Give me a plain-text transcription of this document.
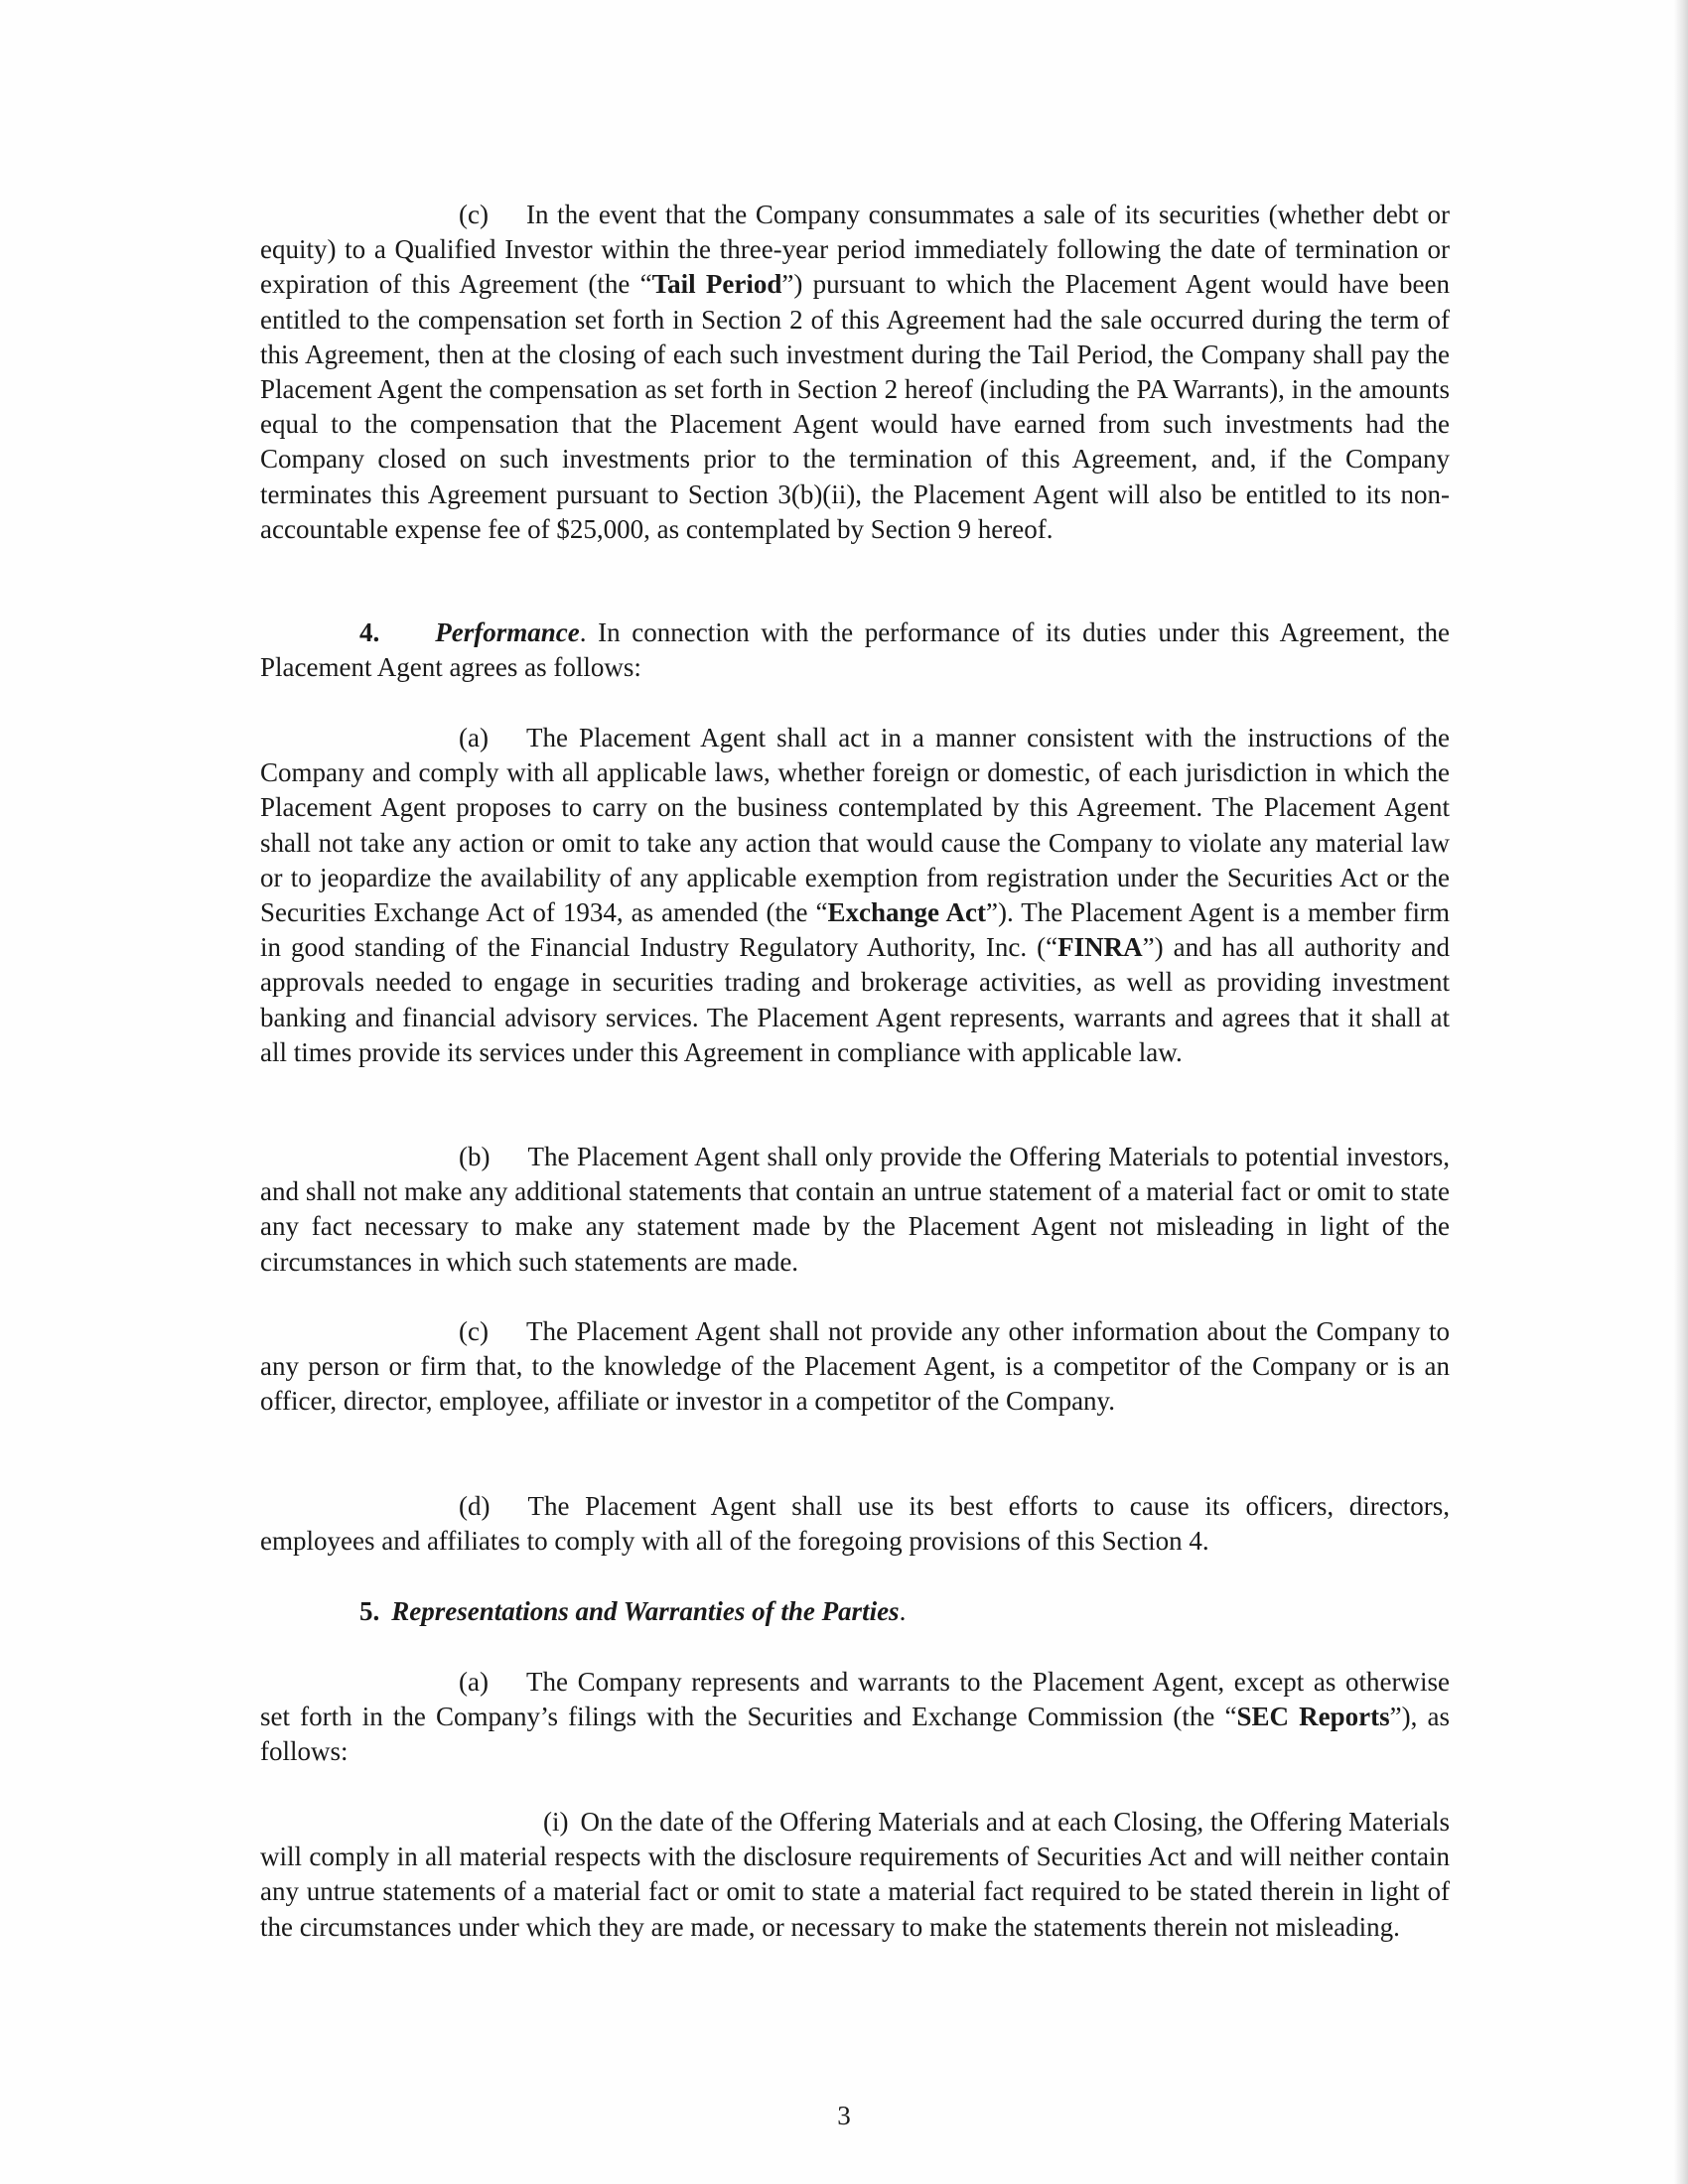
(c) In the event that the Company consummates a sale of its securities (whether debt or equity) to a Qualified Investor within the three-year period immediately following the date of termination or expiration of this Agreement (the “Tail Period”) pursuant to which the Placement Agent would have been entitled to the compensation set forth in Section 2 of this Agreement had the sale occurred during the term of this Agreement, then at the closing of each such investment during the Tail Period, the Company shall pay the Placement Agent the compensation as set forth in Section 2 hereof (including the PA Warrants), in the amounts equal to the compensation that the Placement Agent would have earned from such investments had the Company closed on such investments prior to the termination of this Agreement, and, if the Company terminates this Agreement pursuant to Section 3(b)(ii), the Placement Agent will also be entitled to its non-accountable expense fee of $25,000, as contemplated by Section 9 hereof.

4. Performance. In connection with the performance of its duties under this Agreement, the Placement Agent agrees as follows:

(a) The Placement Agent shall act in a manner consistent with the instructions of the Company and comply with all applicable laws, whether foreign or domestic, of each jurisdiction in which the Placement Agent proposes to carry on the business contemplated by this Agreement. The Placement Agent shall not take any action or omit to take any action that would cause the Company to violate any material law or to jeopardize the availability of any applicable exemption from registration under the Securities Act or the Securities Exchange Act of 1934, as amended (the “Exchange Act”). The Placement Agent is a member firm in good standing of the Financial Industry Regulatory Authority, Inc. (“FINRA”) and has all authority and approvals needed to engage in securities trading and brokerage activities, as well as providing investment banking and financial advisory services. The Placement Agent represents, warrants and agrees that it shall at all times provide its services under this Agreement in compliance with applicable law.

(b) The Placement Agent shall only provide the Offering Materials to potential investors, and shall not make any additional statements that contain an untrue statement of a material fact or omit to state any fact necessary to make any statement made by the Placement Agent not misleading in light of the circumstances in which such statements are made.

(c) The Placement Agent shall not provide any other information about the Company to any person or firm that, to the knowledge of the Placement Agent, is a competitor of the Company or is an officer, director, employee, affiliate or investor in a competitor of the Company.

(d) The Placement Agent shall use its best efforts to cause its officers, directors, employees and affiliates to comply with all of the foregoing provisions of this Section 4.

5. Representations and Warranties of the Parties.

(a) The Company represents and warrants to the Placement Agent, except as otherwise set forth in the Company’s filings with the Securities and Exchange Commission (the “SEC Reports”), as follows:

(i) On the date of the Offering Materials and at each Closing, the Offering Materials will comply in all material respects with the disclosure requirements of Securities Act and will neither contain any untrue statements of a material fact or omit to state a material fact required to be stated therein in light of the circumstances under which they are made, or necessary to make the statements therein not misleading.

3
